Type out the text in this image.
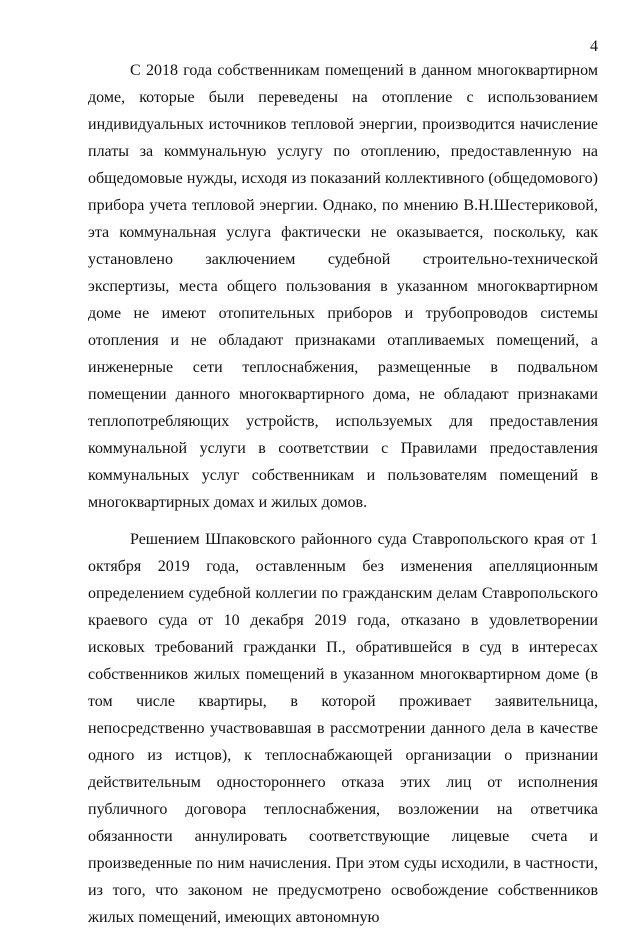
4

С 2018 года собственникам помещений в данном многоквартирном доме, которые были переведены на отопление с использованием индивидуальных источников тепловой энергии, производится начисление платы за коммунальную услугу по отоплению, предоставленную на общедомовые нужды, исходя из показаний коллективного (общедомового) прибора учета тепловой энергии. Однако, по мнению В.Н.Шестериковой, эта коммунальная услуга фактически не оказывается, поскольку, как установлено заключением судебной строительно-технической экспертизы, места общего пользования в указанном многоквартирном доме не имеют отопительных приборов и трубопроводов системы отопления и не обладают признаками отапливаемых помещений, а инженерные сети теплоснабжения, размещенные в подвальном помещении данного многоквартирного дома, не обладают признаками теплопотребляющих устройств, используемых для предоставления коммунальной услуги в соответствии с Правилами предоставления коммунальных услуг собственникам и пользователям помещений в многоквартирных домах и жилых домов.

Решением Шпаковского районного суда Ставропольского края от 1 октября 2019 года, оставленным без изменения апелляционным определением судебной коллегии по гражданским делам Ставропольского краевого суда от 10 декабря 2019 года, отказано в удовлетворении исковых требований гражданки П., обратившейся в суд в интересах собственников жилых помещений в указанном многоквартирном доме (в том числе квартиры, в которой проживает заявительница, непосредственно участвовавшая в рассмотрении данного дела в качестве одного из истцов), к теплоснабжающей организации о признании действительным одностороннего отказа этих лиц от исполнения публичного договора теплоснабжения, возложении на ответчика обязанности аннулировать соответствующие лицевые счета и произведенные по ним начисления. При этом суды исходили, в частности, из того, что законом не предусмотрено освобождение собственников жилых помещений, имеющих автономную
